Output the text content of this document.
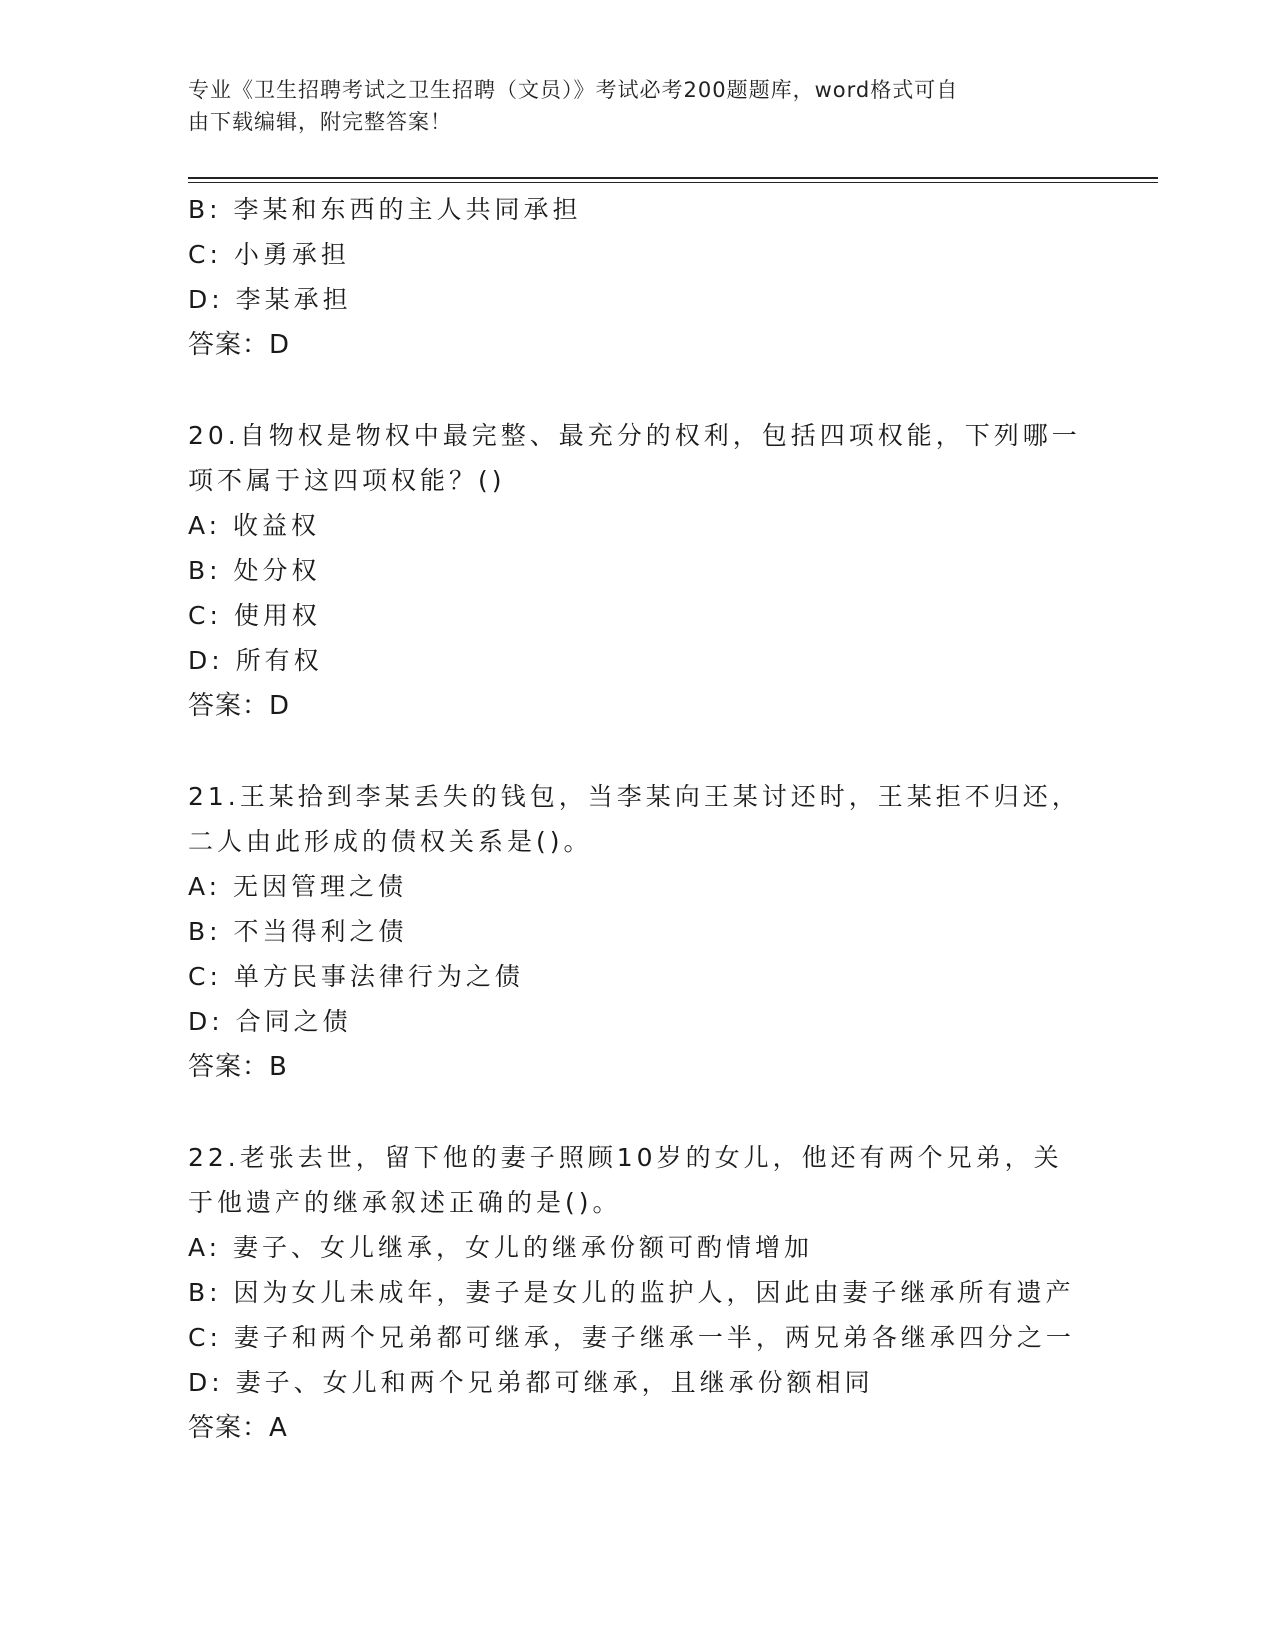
专业《卫生招聘考试之卫生招聘（文员）》考试必考200题题库，word格式可自
由下载编辑，附完整答案！
B: 李某和东西的主人共同承担
C: 小勇承担
D: 李某承担
答案：D
20.自物权是物权中最完整、最充分的权利，包括四项权能，下列哪一
项不属于这四项权能？()
A: 收益权
B: 处分权
C: 使用权
D: 所有权
答案：D
21.王某拾到李某丢失的钱包，当李某向王某讨还时，王某拒不归还，
二人由此形成的债权关系是()。
A: 无因管理之债
B: 不当得利之债
C: 单方民事法律行为之债
D: 合同之债
答案：B
22.老张去世，留下他的妻子照顾10岁的女儿，他还有两个兄弟，关
于他遗产的继承叙述正确的是()。
A: 妻子、女儿继承，女儿的继承份额可酌情增加
B: 因为女儿未成年，妻子是女儿的监护人，因此由妻子继承所有遗产
C: 妻子和两个兄弟都可继承，妻子继承一半，两兄弟各继承四分之一
D: 妻子、女儿和两个兄弟都可继承，且继承份额相同
答案：A
